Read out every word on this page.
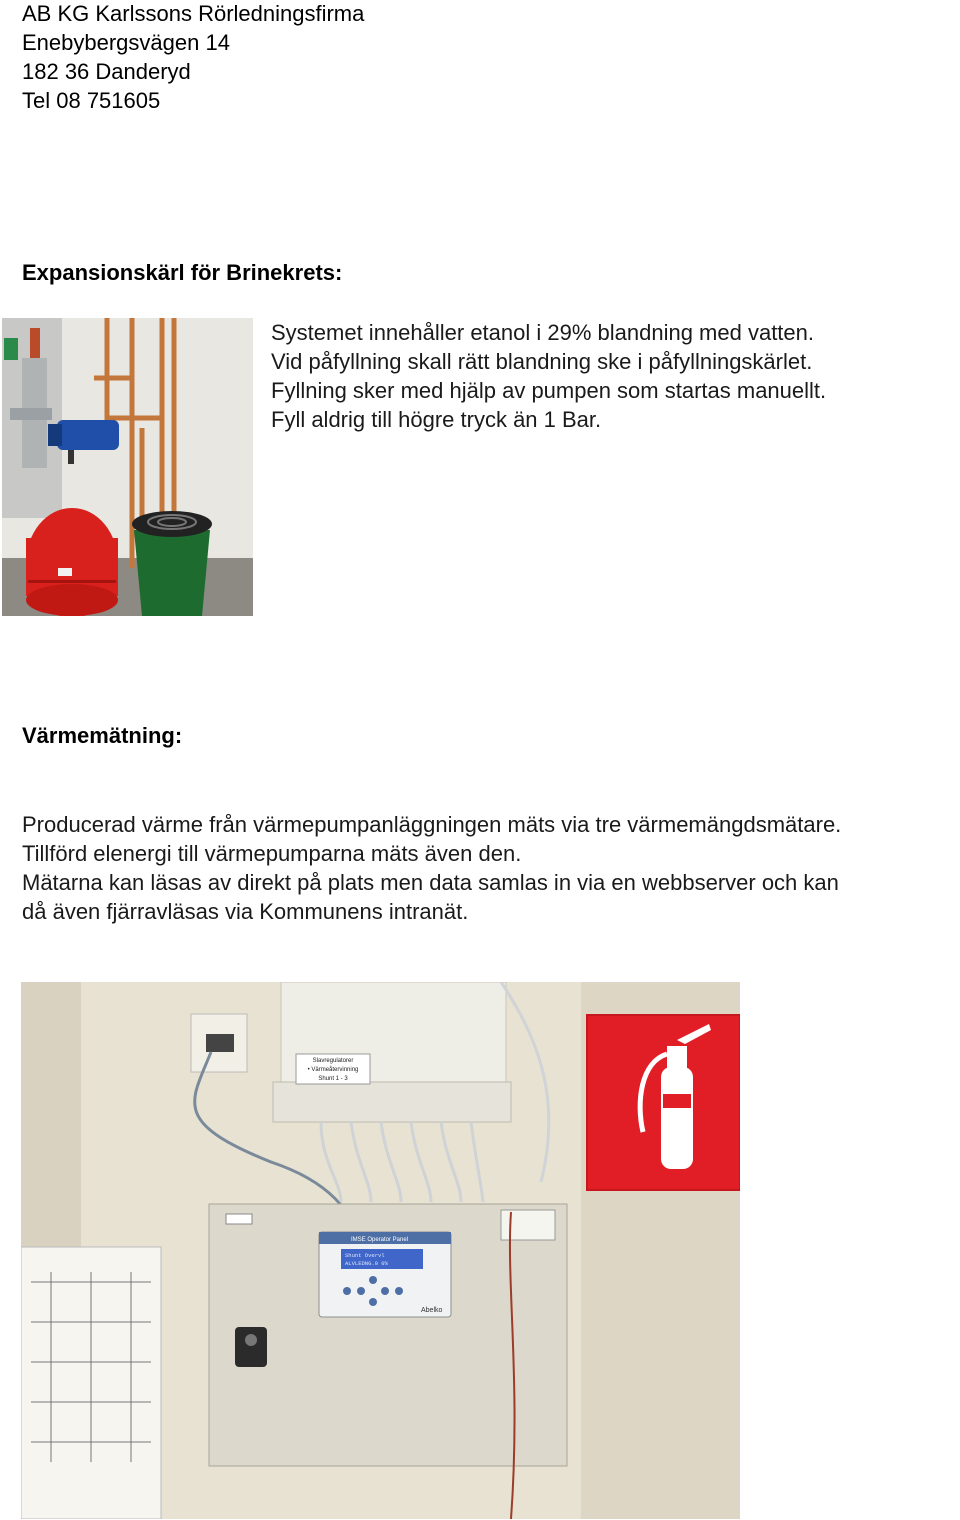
AB KG Karlssons Rörledningsfirma
Enebybergsvägen 14
182 36 Danderyd
Tel 08 751605
Expansionskärl för Brinekrets:
Systemet innehåller etanol i 29% blandning med vatten.
Vid påfyllning skall rätt blandning ske i påfyllningskärlet.
Fyllning sker med hjälp av pumpen som startas manuellt.
Fyll aldrig till högre tryck än 1 Bar.
Värmemätning:
Producerad värme från värmepumpanläggningen mäts via tre värmemängdsmätare.
Tillförd elenergi till värmepumparna mäts även den.
Mätarna kan läsas av direkt på plats men data samlas in via en webbserver och kan
då även fjärravläsas via Kommunens intranät.
Slavregulatorer
• Värmeåtervinning
Shunt 1 - 3
IMSE Operator Panel
Shunt Overvl
ALVLEDNG.0 0%
Abelko
